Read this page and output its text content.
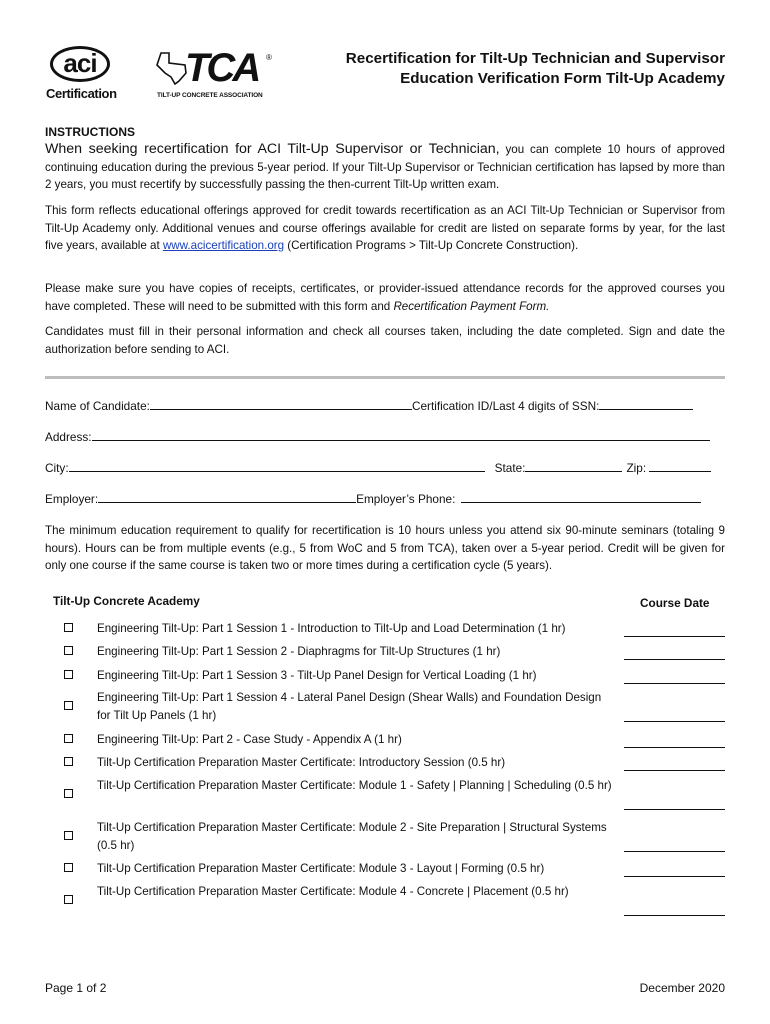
aci
Certification
TCA ®
TILT-UP CONCRETE ASSOCIATION
Recertification for Tilt-Up Technician and Supervisor
Education Verification Form Tilt-Up Academy
INSTRUCTIONS
When seeking recertification for ACI Tilt-Up Supervisor or Technician, you can complete 10 hours of approved continuing education during the previous 5-year period. If your Tilt-Up Supervisor or Technician certification has lapsed by more than 2 years, you must recertify by successfully passing the then-current Tilt-Up written exam.
This form reflects educational offerings approved for credit towards recertification as an ACI Tilt-Up Technician or Supervisor from Tilt-Up Academy only. Additional venues and course offerings available for credit are listed on separate forms by year, for the last five years, available at www.acicertification.org (Certification Programs > Tilt-Up Concrete Construction).
Please make sure you have copies of receipts, certificates, or provider-issued attendance records for the approved courses you have completed. These will need to be submitted with this form and Recertification Payment Form.
Candidates must fill in their personal information and check all courses taken, including the date completed. Sign and date the authorization before sending to ACI.
Name of Candidate:	Certification ID/Last 4 digits of SSN:
Address:
City:	State:	Zip:
Employer:	Employer’s Phone:
The minimum education requirement to qualify for recertification is 10 hours unless you attend six 90-minute seminars (totaling 9 hours). Hours can be from multiple events (e.g., 5 from WoC and 5 from TCA), taken over a 5-year period. Credit will be given for only one course if the same course is taken two or more times during a certification cycle (5 years).
Tilt-Up Concrete Academy	Course Date
Engineering Tilt-Up: Part 1 Session 1 - Introduction to Tilt-Up and Load Determination (1 hr)
Engineering Tilt-Up: Part 1 Session 2 - Diaphragms for Tilt-Up Structures (1 hr)
Engineering Tilt-Up: Part 1 Session 3 - Tilt-Up Panel Design for Vertical Loading (1 hr)
Engineering Tilt-Up: Part 1 Session 4 - Lateral Panel Design (Shear Walls) and Foundation Design for Tilt Up Panels (1 hr)
Engineering Tilt-Up: Part 2 - Case Study - Appendix A (1 hr)
Tilt-Up Certification Preparation Master Certificate: Introductory Session (0.5 hr)
Tilt-Up Certification Preparation Master Certificate: Module 1 - Safety | Planning | Scheduling (0.5 hr)
Tilt-Up Certification Preparation Master Certificate: Module 2 - Site Preparation | Structural Systems (0.5 hr)
Tilt-Up Certification Preparation Master Certificate: Module 3 - Layout | Forming (0.5 hr)
Tilt-Up Certification Preparation Master Certificate: Module 4 - Concrete | Placement (0.5 hr)
Page 1 of 2	December 2020
